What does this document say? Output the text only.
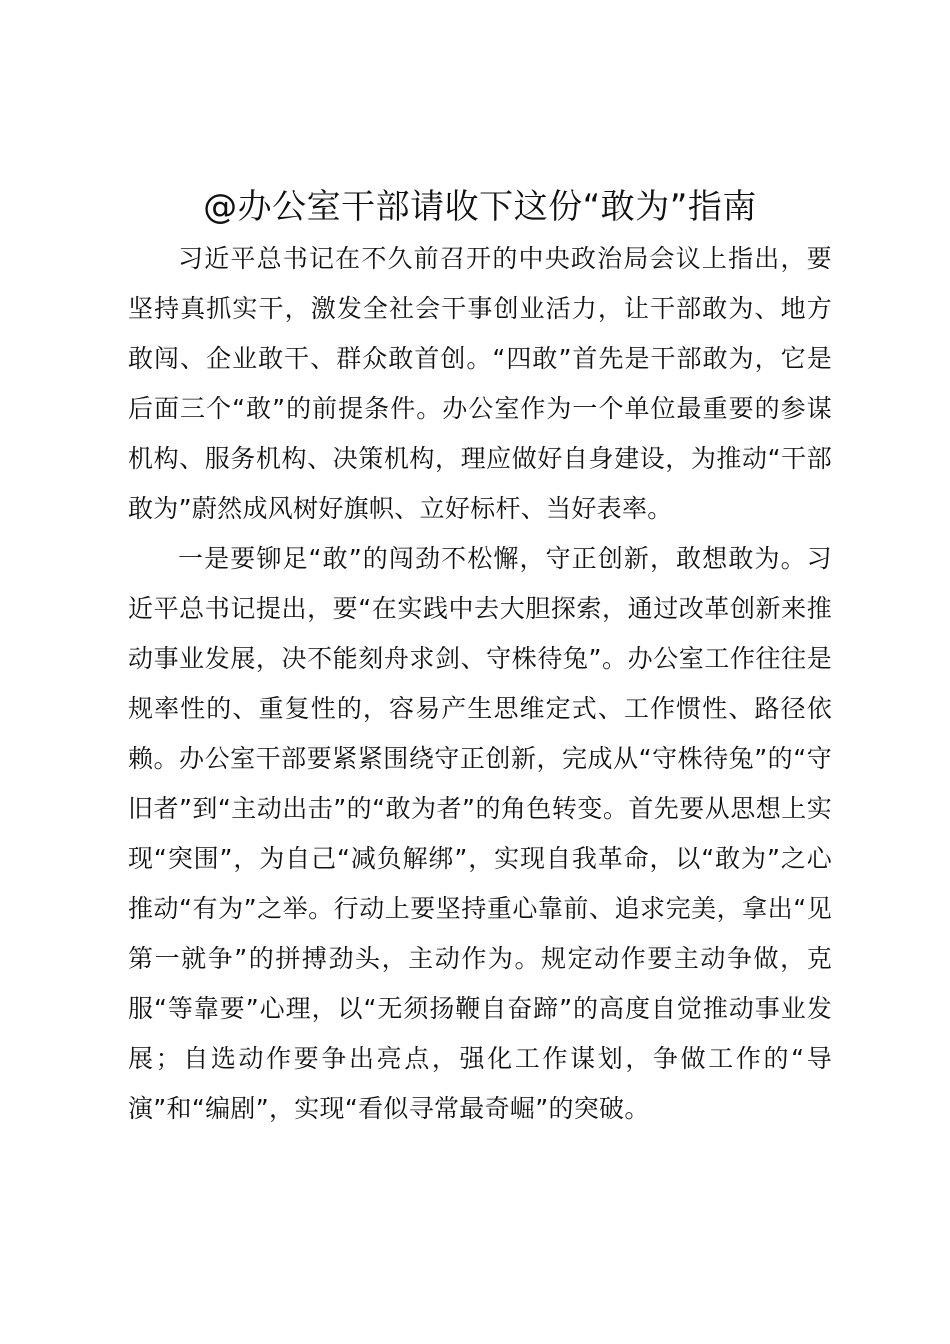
@办公室干部请收下这份“敢为”指南

习近平总书记在不久前召开的中央政治局会议上指出，要坚持真抓实干，激发全社会干事创业活力，让干部敢为、地方敢闯、企业敢干、群众敢首创。“四敢”首先是干部敢为，它是后面三个“敢”的前提条件。办公室作为一个单位最重要的参谋机构、服务机构、决策机构，理应做好自身建设，为推动“干部敢为”蔚然成风树好旗帜、立好标杆、当好表率。

一是要铆足“敢”的闯劲不松懈，守正创新，敢想敢为。习近平总书记提出，要“在实践中去大胆探索，通过改革创新来推动事业发展，决不能刻舟求剑、守株待兔”。办公室工作往往是规率性的、重复性的，容易产生思维定式、工作惯性、路径依赖。办公室干部要紧紧围绕守正创新，完成从“守株待兔”的“守旧者”到“主动出击”的“敢为者”的角色转变。首先要从思想上实现“突围”，为自己“减负解绑”，实现自我革命，以“敢为”之心推动“有为”之举。行动上要坚持重心靠前、追求完美，拿出“见第一就争”的拼搏劲头，主动作为。规定动作要主动争做，克服“等靠要”心理，以“无须扬鞭自奋蹄”的高度自觉推动事业发展；自选动作要争出亮点，强化工作谋划，争做工作的“导演”和“编剧”，实现“看似寻常最奇崛”的突破。
